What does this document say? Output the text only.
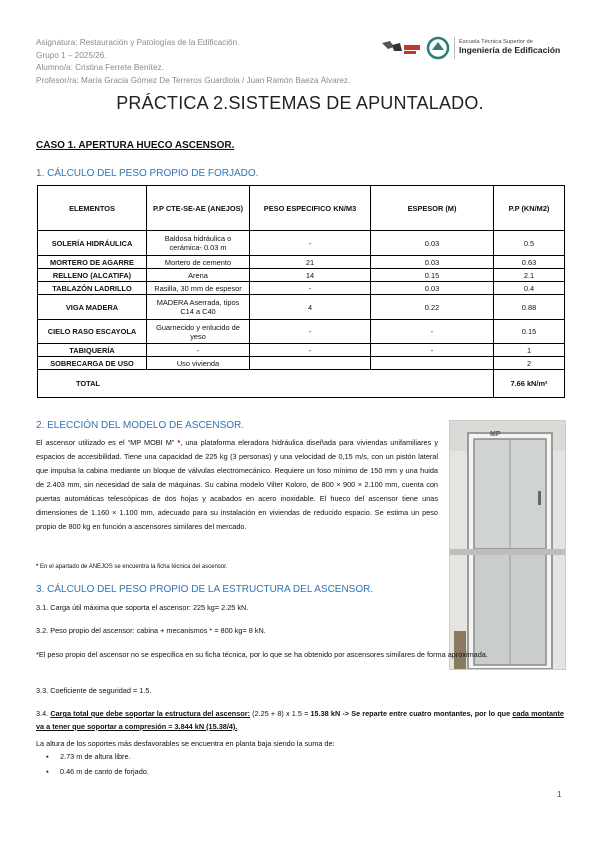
Asignatura: Restauración y Patologías de la Edificación.
Grupo 1 – 2025/26.
Alumno/a: Cristina Ferrete Benítez.
Profesor/ra: María Gracia Gómez De Terreros Guardiola / Juan Ramón Baeza Álvarez.
Escuela Técnica Superior de
Ingeniería de Edificación
PRÁCTICA 2.SISTEMAS DE APUNTALADO.
CASO 1. APERTURA HUECO ASCENSOR.
1. CÁLCULO DEL PESO PROPIO DE FORJADO.
ELEMENTOS	P.P CTE-SE-AE (ANEJOS)	PESO ESPECIFICO KN/M3	ESPESOR (M)	P.P (KN/M2)
SOLERÍA HIDRÁULICA	Baldosa hidráulica o cerámica- 0.03 m	-	0.03	0.5
MORTERO DE AGARRE	Mortero de cemento	21	0.03	0.63
RELLENO (ALCATIFA)	Arena	14	0.15	2.1
TABLAZÓN LADRILLO	Rasilla, 30 mm de espesor	-	0.03	0.4
VIGA MADERA	MADERA Aserrada, tipos C14 a C40	4	0.22	0.88
CIELO RASO ESCAYOLA	Guarnecido y enlucido de yeso	-	-	0.15
TABIQUERÍA	-	-	-	1
SOBRECARGA DE USO	Uso vivienda			2
TOTAL				7.66 kN/m²
2. ELECCIÓN DEL MODELO DE ASCENSOR.
El ascensor utilizado es el “MP MOBI M” *, una plataforma eleradora hidráulica diseñada para viviendas unifamiliares y espacios de accesibilidad. Tiene una capacidad de 225 kg (3 personas) y una velocidad de 0,15 m/s, con un pistón lateral que impulsa la cabina mediante un bloque de válvulas electromecánico. Requiere un foso mínimo de 150 mm y una huida de 2.403 mm, sin necesidad de sala de máquinas. Su cabina modelo Vilter Koloro, de 800 × 900 × 2.100 mm, cuenta con puertas automáticas telescópicas de dos hojas y acabados en acero inoxidable. El hueco del ascensor tiene unas dimensiones de 1.160 × 1.100 mm, adecuado para su instalación en viviendas de reducido espacio. Se estima un peso propio de 800 kg en función a ascensores similares del mercado.
* En el apartado de ANEJOS se encuentra la ficha técnica del ascensor.
MP
3. CÁLCULO DEL PESO PROPIO DE LA ESTRUCTURA DEL ASCENSOR.
3.1. Carga útil máxima que soporta el ascensor: 225 kg= 2.25 kN.
3.2. Peso propio del ascensor: cabina + mecanismos * = 800 kg= 8 kN.
*El peso propio del ascensor no se especifica en su ficha técnica, por lo que se ha obtenido por ascensores similares de forma aproximada.
3.3. Coeficiente de seguridad = 1.5.
3.4. Carga total que debe soportar la estructura del ascensor: (2.25 + 8) x 1.5 = 15.38 kN -> Se reparte entre cuatro montantes, por lo que cada montante va a tener que soportar a compresión = 3.844 kN (15.38/4).
La altura de los soportes más desfavorables se encuentra en planta baja siendo la suma de:
▪ 2.73 m de altura libre.
▪ 0.46 m de canto de forjado.
1
